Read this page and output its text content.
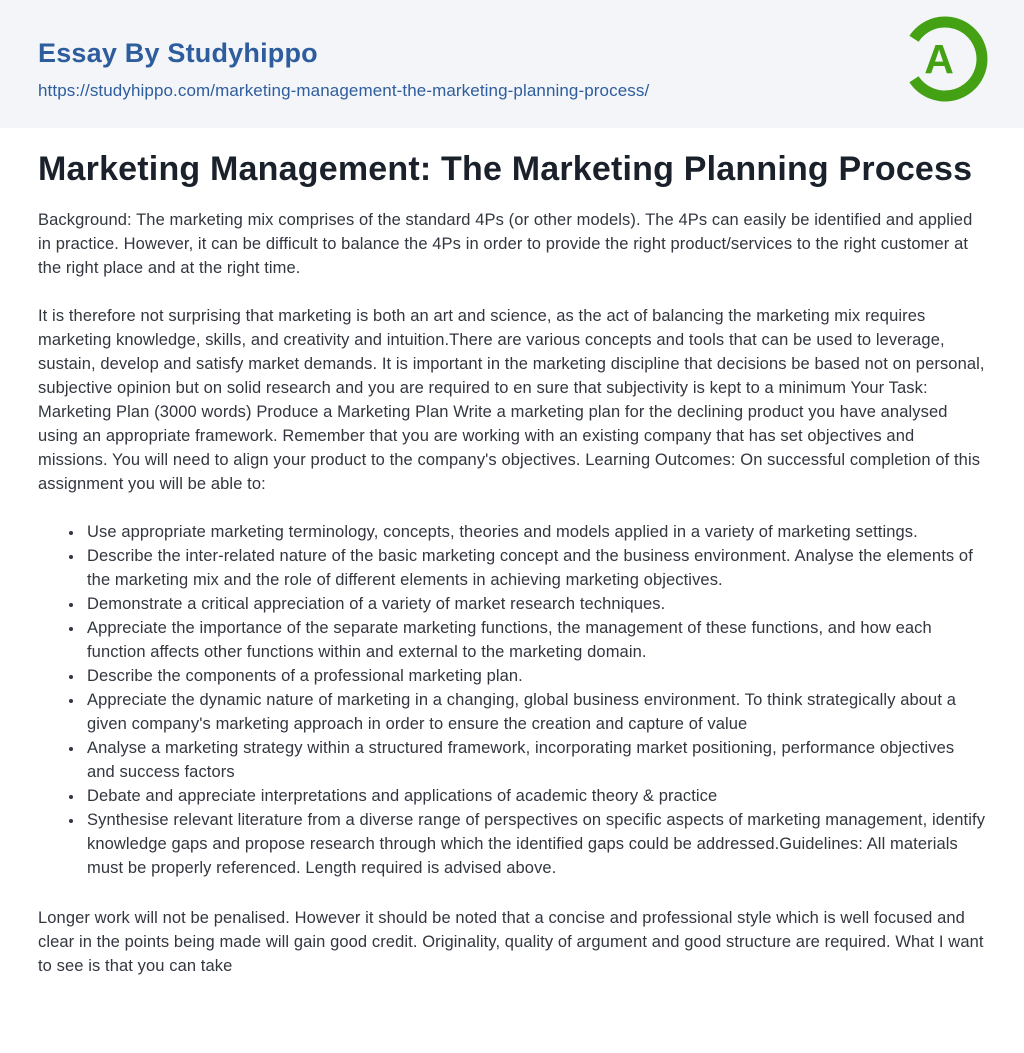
Essay By Studyhippo
https://studyhippo.com/marketing-management-the-marketing-planning-process/
A
Marketing Management: The Marketing Planning Process

Background: The marketing mix comprises of the standard 4Ps (or other models). The 4Ps can easily be identified and applied in practice. However, it can be difficult to balance the 4Ps in order to provide the right product/services to the right customer at the right place and at the right time.

It is therefore not surprising that marketing is both an art and science, as the act of balancing the marketing mix requires marketing knowledge, skills, and creativity and intuition.There are various concepts and tools that can be used to leverage, sustain, develop and satisfy market demands. It is important in the marketing discipline that decisions be based not on personal, subjective opinion but on solid research and you are required to en sure that subjectivity is kept to a minimum Your Task: Marketing Plan (3000 words) Produce a Marketing Plan Write a marketing plan for the declining product you have analysed using an appropriate framework. Remember that you are working with an existing company that has set objectives and missions. You will need to align your product to the company's objectives. Learning Outcomes: On successful completion of this assignment you will be able to:

• Use appropriate marketing terminology, concepts, theories and models applied in a variety of marketing settings.
• Describe the inter-related nature of the basic marketing concept and the business environment. Analyse the elements of the marketing mix and the role of different elements in achieving marketing objectives.
• Demonstrate a critical appreciation of a variety of market research techniques.
• Appreciate the importance of the separate marketing functions, the management of these functions, and how each function affects other functions within and external to the marketing domain.
• Describe the components of a professional marketing plan.
• Appreciate the dynamic nature of marketing in a changing, global business environment. To think strategically about a given company's marketing approach in order to ensure the creation and capture of value
• Analyse a marketing strategy within a structured framework, incorporating market positioning, performance objectives and success factors
• Debate and appreciate interpretations and applications of academic theory & practice
• Synthesise relevant literature from a diverse range of perspectives on specific aspects of marketing management, identify knowledge gaps and propose research through which the identified gaps could be addressed.Guidelines: All materials must be properly referenced. Length required is advised above.

Longer work will not be penalised. However it should be noted that a concise and professional style which is well focused and clear in the points being made will gain good credit. Originality, quality of argument and good structure are required. What I want to see is that you can take
